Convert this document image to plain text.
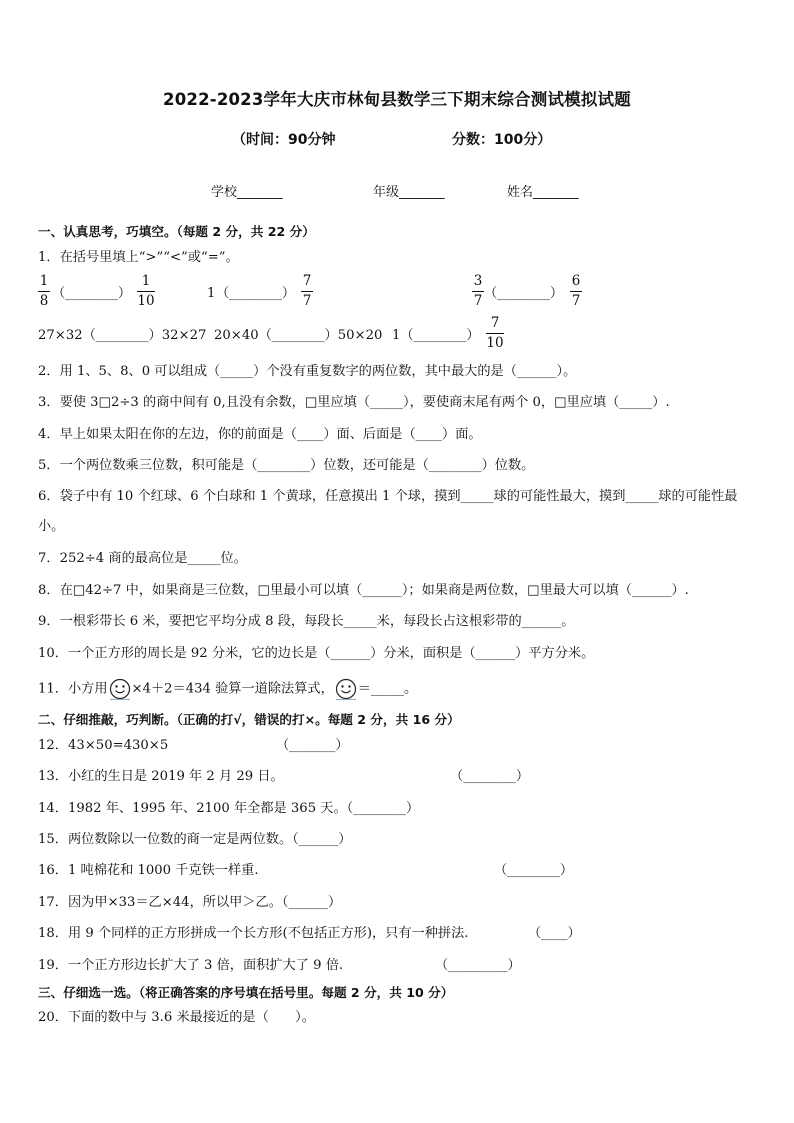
2022-2023学年大庆市林甸县数学三下期末综合测试模拟试题
（时间：90分钟	分数：100分）
学校_______	年级_______	姓名_______
一、认真思考，巧填空。（每题 2 分，共 22 分）
1．在括号里填上“>”“<”或“=”。
1
8 （________）
1
10	1 （________）
7
7
3
7 （________）
6
7
27×32（________）32×27 20×40（________）50×20 1（________）
7
10
2．用 1、5、8、0 可以组成（_____）个没有重复数字的两位数，其中最大的是（______）。
3．要使 3□2÷3 的商中间有 0,且没有余数，□里应填（_____），要使商末尾有两个 0，□里应填（_____）.
4．早上如果太阳在你的左边，你的前面是（____）面、后面是（____）面。
5．一个两位数乘三位数，积可能是（________）位数，还可能是（________）位数。
6．袋子中有 10 个红球、6 个白球和 1 个黄球，任意摸出 1 个球，摸到_____球的可能性最大，摸到_____球的可能性最小。
7．252÷4 商的最高位是_____位。
8．在□42÷7 中，如果商是三位数，□里最小可以填（______）；如果商是两位数，□里最大可以填（______）.
9．一根彩带长 6 米，要把它平均分成 8 段，每段长_____米，每段长占这根彩带的______。
10．一个正方形的周长是 92 分米，它的边长是（______）分米，面积是（______）平方分米。
11．小方用 ×4＋2＝434 验算一道除法算式， ＝_____。
二、仔细推敲，巧判断。（正确的打√，错误的打×。每题 2 分，共 16 分）
12．43×50=430×5	（_______）
13．小红的生日是 2019 年 2 月 29 日。	（________）
14．1982 年、1995 年、2100 年全都是 365 天。（________）
15．两位数除以一位数的商一定是两位数。（______）
16．1 吨棉花和 1000 千克铁一样重.	（________）
17．因为甲×33＝乙×44，所以甲＞乙。（______）
18．用 9 个同样的正方形拼成一个长方形(不包括正方形)，只有一种拼法.	（____）
19．一个正方形边长扩大了 3 倍，面积扩大了 9 倍.	（_________）
三、仔细选一选。（将正确答案的序号填在括号里。每题 2 分，共 10 分）
20．下面的数中与 3.6 米最接近的是（　　）。
